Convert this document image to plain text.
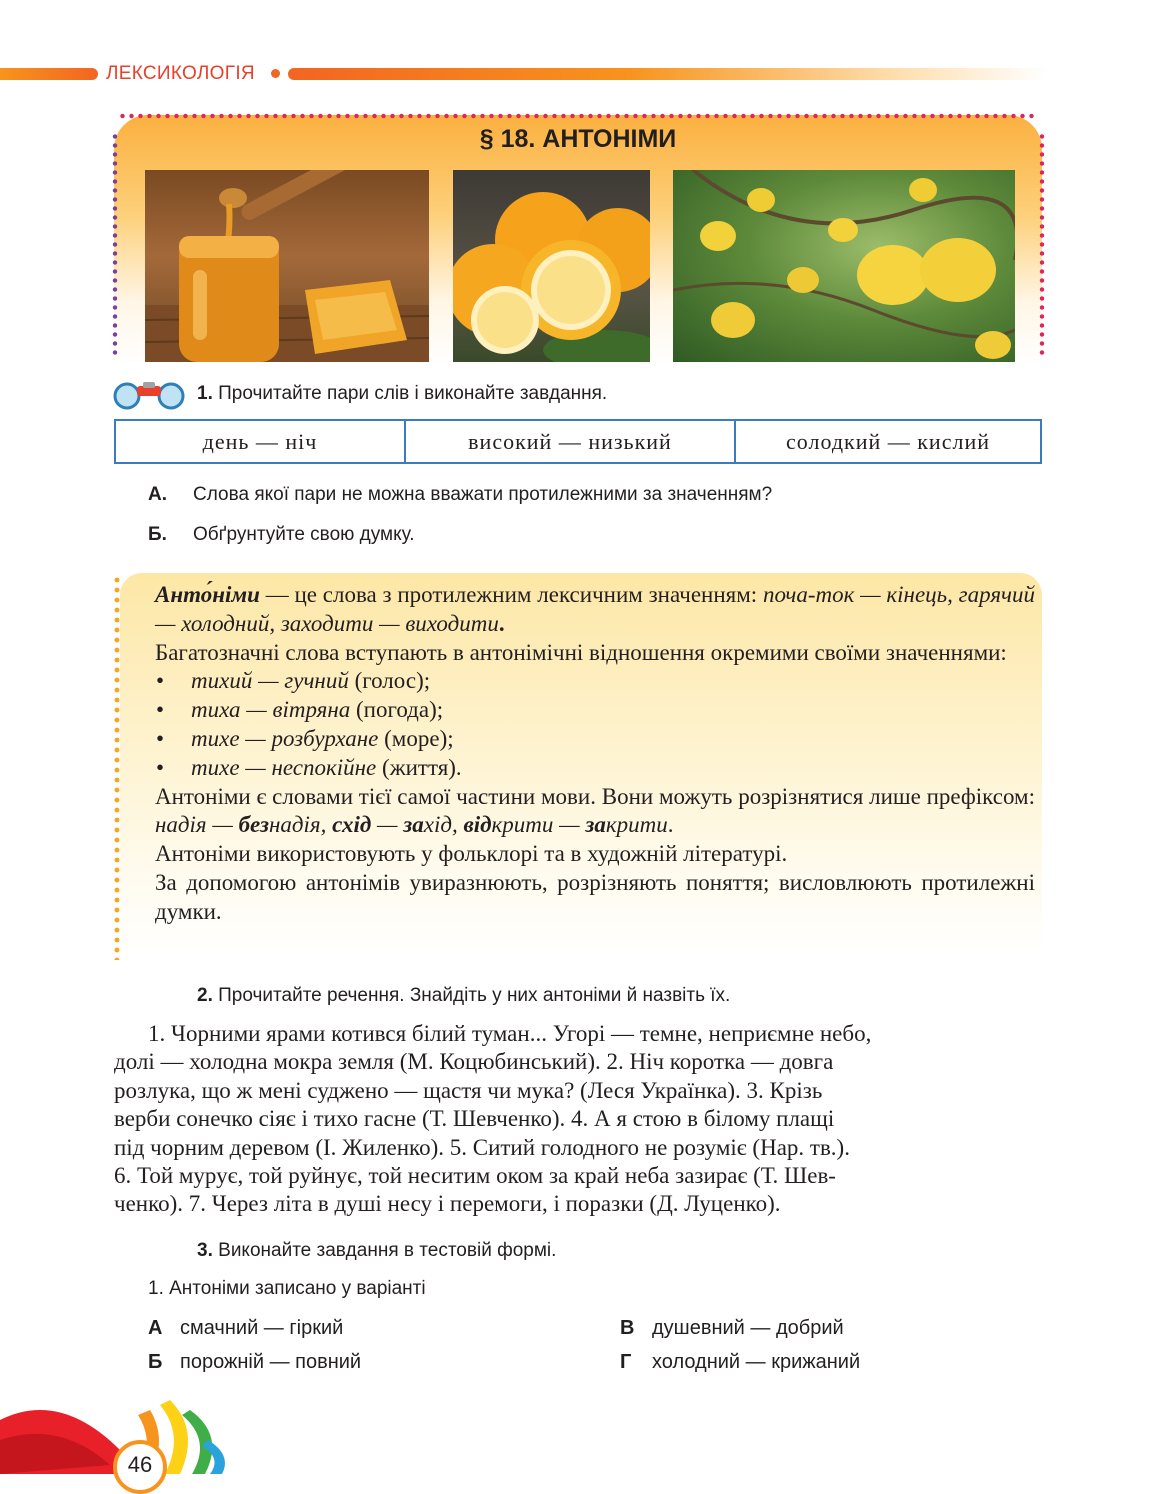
ЛЕКСИКОЛОГІЯ
§ 18. АНТОНІМИ
1. Прочитайте пари слів і виконайте завдання.
день — ніч	високий — низький	солодкий — кислий
А. Слова якої пари не можна вважати протилежними за значенням?
Б. Обґрунтуйте свою думку.

Анто́німи — це слова з протилежним лексичним значенням: поча-ток — кінець, гарячий — холодний, заходити — виходити.

Багатозначні слова вступають в антонімічні відношення окремими своїми значеннями:

• тихий — гучний (голос);

• тиха — вітряна (погода);

• тихе — розбурхане (море);

• тихе — неспокійне (життя).

Антоніми є словами тієї самої частини мови. Вони можуть розрізнятися лише префіксом: надія — безнадія, схід — захід, відкрити — закрити.

Антоніми використовують у фольклорі та в художній літературі.

За допомогою антонімів увиразнюють, розрізняють поняття; висловлюють протилежні думки.

2. Прочитайте речення. Знайдіть у них антоніми й назвіть їх.

1. Чорними ярами котився білий туман... Угорі — темне, неприємне небо,

долі — холодна мокра земля (М. Коцюбинський). 2. Ніч коротка — довга

розлука, що ж мені суджено — щастя чи мука? (Леся Українка). 3. Крізь

верби сонечко сіяє і тихо гасне (Т. Шевченко). 4. А я стою в білому плащі

під чорним деревом (І. Жиленко). 5. Ситий голодного не розуміє (Нар. тв.).

6. Той мурує, той руйнує, той неситим оком за край неба зазирає (Т. Шев-

ченко). 7. Через літа в душі несу і перемоги, і поразки (Д. Луценко).

3. Виконайте завдання в тестовій формі.
1. Антоніми записано у варіанті
А смачний — гіркий
Б порожній — повний
В душевний — добрий
Г холодний — крижаний
46
